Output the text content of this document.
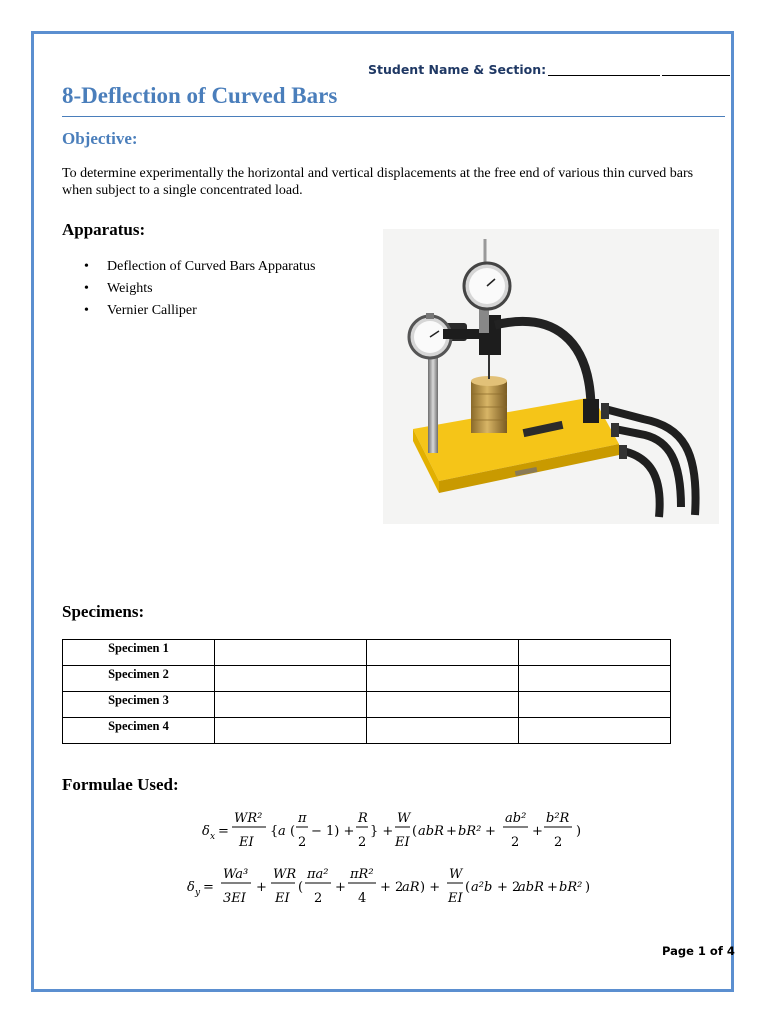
Student Name & Section:
8-Deflection of Curved Bars
Objective:
To determine experimentally the horizontal and vertical displacements at the free end of various thin curved bars when subject to a single concentrated load.
Apparatus:
• Deflection of Curved Bars Apparatus
• Weights
• Vernier Calliper
Specimens:
Specimen 1			
Specimen 2			
Specimen 3			
Specimen 4			
Formulae Used:
δ x =
WR²
EI
{ a (
π
2
− 1) +
R
2
} +
W
EI
( abR + bR² +
ab²
2
+
b²R
2
)
δ y =
Wa³
3EI
+
WR
EI
(
πa²
2
+
πR²
4
+ 2
aR ) +
W
EI
( a²b + 2
abR + bR² )
Page 1 of 4
